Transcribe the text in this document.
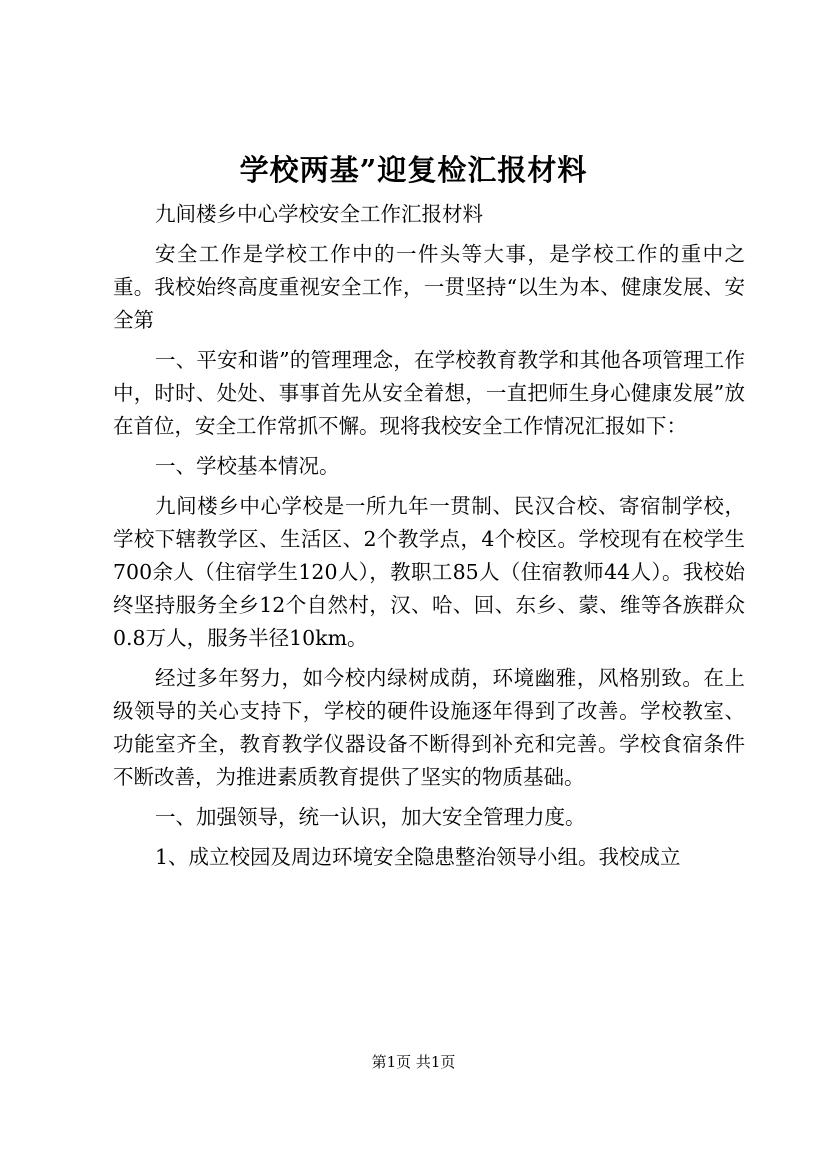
学校两基”迎复检汇报材料

九间楼乡中心学校安全工作汇报材料

安全工作是学校工作中的一件头等大事，是学校工作的重中之重。我校始终高度重视安全工作，一贯坚持“以生为本、健康发展、安全第

一、平安和谐”的管理理念，在学校教育教学和其他各项管理工作中，时时、处处、事事首先从安全着想，一直把师生身心健康发展”放在首位，安全工作常抓不懈。现将我校安全工作情况汇报如下：

一、学校基本情况。

九间楼乡中心学校是一所九年一贯制、民汉合校、寄宿制学校，学校下辖教学区、生活区、2个教学点，4个校区。学校现有在校学生700余人（住宿学生120人），教职工85人（住宿教师44人）。我校始终坚持服务全乡12个自然村，汉、哈、回、东乡、蒙、维等各族群众0.8万人，服务半径10km。

经过多年努力，如今校内绿树成荫，环境幽雅，风格别致。在上级领导的关心支持下，学校的硬件设施逐年得到了改善。学校教室、功能室齐全，教育教学仪器设备不断得到补充和完善。学校食宿条件不断改善，为推进素质教育提供了坚实的物质基础。

一、加强领导，统一认识，加大安全管理力度。

1、成立校园及周边环境安全隐患整治领导小组。我校成立

第1页 共1页
